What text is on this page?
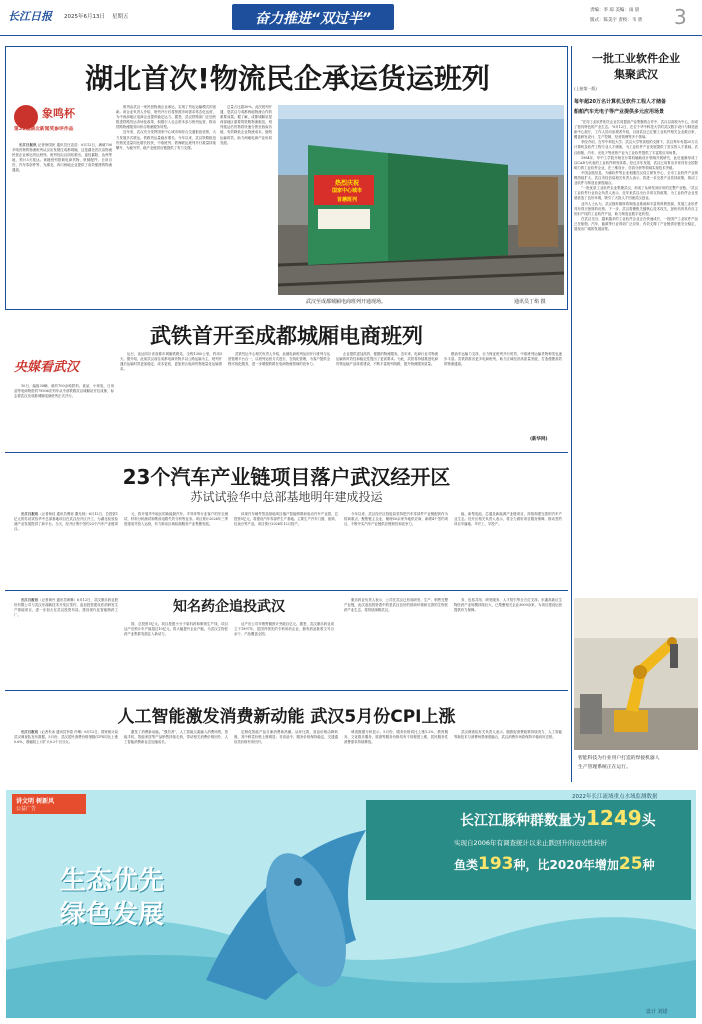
长江日报 2025年6月13日 星期五	奋力推进“双过半”
责编：李 琼 美编：雨 晨
版式：陈美宇 责校：韦 欣 3
湖北首次!物流民企承运货运班列
象鸣杯
第31届湖北新闻奖参评作品

长江日报讯 记者徐国民 通讯员汪忠浩：6月12日，满载700多吨货物的物流班列从汉出发驶往成都城厢，这是湖北首次由物流民营企业承运货运班列。班列经由汉西站驶出，途经襄阳、达州等地，预计3天抵达。该趟班列搭载电商货物、机械配件、日用百货、汽车零部件等，为湖北、四川两地企业提供了高效便捷的物流通道。

班列由武汉一家民营物流企业承运，实现了货运运输模式的创新。该企业负责人介绍，班列开行后将按照市场需求常态化运营，为中西部地区电商企业提供稳定运力。据悉，武汉铁路部门正加快推进铁路货运市场化改革，积极引入社会资本参与班列运营，推动铁路物流服务向综合物流服务转型。

近年来，武汉充分发挥国家中心城市和综合交通枢纽优势，大力发展多式联运，铁路货运量稳步增长。今年以来，武汉铁路枢纽货物发送量同比增长较快，中欧班列、铁海联运班列开行数量持续攀升，为稳外贸、稳产业链供应链提供了有力支撑。

总量占比超30%。此次班列开通，是武汉与成都两地物流合作的重要成果。据了解，成都城厢站是西部地区重要的铁路物流枢纽，班列抵达后货物将快速分拨至西南各地，有效降低企业物流成本，缩短运输时效，助力两地电商产业协同发展。

热烈庆祝
国家中心城市
首趟班列
武汉至成都城厢电商班列开通现场。	通讯员丁焰 摄
武铁首开至成都城厢电商班列
央媒看武汉

10日，编组30辆、载有700余吨铁料、食品、小家电、日用品等电商物资的79506次列车从中部铁路武汉城厢站开往成都，标志着武汉至成都城厢电商班列正式开行。

运行，直达四川省成都市城厢铁路站，全程1300公里，约用3天。据介绍，此前武汉前往成都电商货物多以公路运输为主，班列开通后运输时效更加稳定，成本更低，更加契合电商货物批量化运输需求。

武铁货运中心相关负责人介绍，此趟电商班列运用开行班列与运营管理平台合一，以班列运营方式进行，在线化管理，为客户提供全程可视化服务，进一步增强铁路在电商物流领域的竞争力。

企业提供更加高效、便捷的物流服务。近年来，电商行业对物流运输的时效性和稳定性提出了更高要求。为此，武铁将持续推进电商货物运输产品体系建设，不断丰富班列线路，提升物流服务质量。

燃油车运输力支持，全力保证班列开行时效，中欧班列运输货物种类也逐步丰富。武铁将推出更多电商班列，助力区域经济高质量发展，打造便捷高效的物流通道。

(新华网)
23个汽车产业链项目落户武汉经开区
苏试试验华中总部基地明年建成投运

长江日报讯（记者杨佳 通讯员傅裕 董光林）6月12日，总投资1亿元的苏试试验华中总部基地项目在武汉经开区开工，为湖北检验检测产业发展提供了新平台。当天，经开区集中签约23个汽车产业链项目。

元，将开展华中地区的新能源汽车、半导体等行业客户的安全测试、材料分析测试和集成电路失效分析等业务。项目预计2026年三季度建成并投入运营，有力推动区域检测服务产业集聚发展。

体现汽车硬件智造基地项目落户智能网联和电动汽车产业园，总投资5亿元，将建设汽车零部件生产基地。主要生产汽车门窗、座椅、仪表台等产品，项目预计2026年12月投产。

今年以来，武汉经开区投促局坚持把汽车零部件产业链配套作为招商重点，聚焦链主企业，梳理50余家外地供应商，新增4个签约项目，不断夯实汽车产业链供应链韧性和竞争力。

能、新型电池、芯通及新能源产业链项目，持续构建完善的汽车产业生态。经开区相关负责人表示，将全力做好项目服务保障，推动签约项目早落地、早开工、早投产。

长江日报讯（记者黄丹 通讯员黄琳）6月12日，武汉康乐药业股份有限公司与武汉东湖新技术开发区签约，追加投资建设医药研发生产基地项目，进一步加大在武汉投资布局，建设现代化智能制药工厂。

知名药企追投武汉

园，总投资5亿元。项目投建小分子原料药和制剂生产线，项目达产后预计年产值超过10亿元，将大幅提升企业产能，为武汉生物医药产业集群发展注入新动力。

达产后公司年销售额预计突破百亿元。据悉，武汉康乐药业成立于1997年，是国内领先的专科用药企业，拥有药品批准文号百余个，产品覆盖全国。

康乐药业负责人表示，公司在武汉已形成研发、生产、销售完整产业链，此次追加投资看中的是武汉良好的营商环境和完善的生物医药产业生态，将持续深耕武汉。

务，包括共用、研发服务、人才招引等全方位支持。东湖高新区生物医药产业规模持续壮大，已集聚相关企业3000余家，为项目建设运营提供有力保障。

人工智能激发消费新动能 武汉5月份CPI上涨

长江日报讯（记者朱冰 通讯员李春 许琳）6月12日，国家统计局武汉调查队发布数据，5月份，武汉居民消费价格指数(CPI)同比上涨0.6%，涨幅较上月扩大0.2个百分点。

激发了消费新动能。“强员者”、人工智能元素融入消费场景，智能手机、智能家居等产品销售持续走俏，带动相关消费价格回升，人工智能消费新业态加速成长。

定制化智能产品日渐消费新热潮。从环比看，食品价格由降转涨，其中鲜菜价格上涨明显；非食品中，服务价格保持稳定，交通通信类价格有所回升。

调查数据分析显示，5月份，服务价格同比上涨1.2%，教育服务、文化娱乐服务、旅游等服务价格均有不同程度上涨，居民服务性消费需求持续释放。

武汉调查队有关负责人表示，随着促消费政策持续发力，人工智能等新技术与消费场景深度融合，武汉消费市场将保持平稳向好态势。

一批工业软件企业
集聚武汉
(上接第一版)
每年超20万名计算机及软件工程人才储备
船舶汽车光电子等产业提供多元应用场景

“在同工业软件相关企业共同提高产业集聚的合作中，武汉以高校为中心，形成了独具特色的产业生态。”6月12日，在位于华中科技大学的武汉数字设计与制造创新中心展厅，工作人员向参观者介绍，目前武汉已汇聚工业软件相关企业数百家，覆盖研发设计、生产控制、经营管理等多个领域。

李经介绍，在华中科技大学、武汉大学等高校的支撑下，武汉每年有超20万名计算机及软件工程专业人才储备，为工业软件产业发展提供了坚实的人才基础。武汉船舶、汽车、光电子等优势产业为工业软件提供了丰富的应用场景。

1984年，华中工学院开始在计算机辅助设计领域开展研究，此后逐渐形成了以CAD为代表的工业软件研发体系。经过多年发展，武汉已培育出多家具有全国影响力的工业软件企业，在三维设计、仿真分析等领域实现技术突破。

中国金航信息、天喻软件等企业相继在汉设立研发中心，全市工业软件产业规模持续扩大。武汉市经信局相关负责人表示，将进一步完善产业扶持政策，推动工业软件与制造业深度融合。

“一批优质工业软件企业集聚武汉，形成了从研发到应用的完整产业链。”武汉工业软件行业协会负责人表示，近年来武汉出台多项支持政策，为工业软件企业发展营造了良好环境，吸引了大批人才回流武汉创业。

业内人士认为，武汉拥有雄厚的制造业基础和丰富的科教资源，发展工业软件具有得天独厚的优势。下一步，武汉将聚焦关键核心技术攻关，加快培育具有自主知识产权的工业软件产品，助力制造业数字化转型。

在武汉光谷，越来越多的工业软件企业正在快速成长，一批国产工业软件产品已在船舶、汽车、能源等行业得到广泛应用，有效支撑了产业链供应链安全稳定，展现出广阔的发展前景。

智能科技为行业用户打造的焊接机器人
生产管理系统正在运行。
讲文明 树新风
公益广告
2022年长江流域重点水域监测数据
长江江豚种群数量为1249头
实现自2006年有调查统计以来止跌回升的历史性转折
鱼类193种，比2020年增加25种
生态优先
绿色发展
设计 刘诺
